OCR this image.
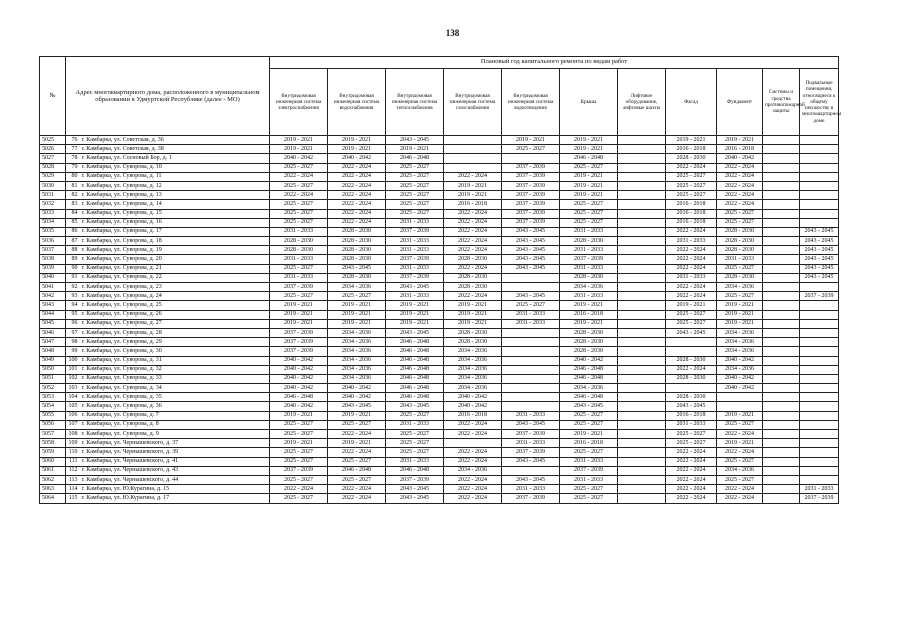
138
№	Адрес многоквартирного дома, расположенного в муниципальном образовании в Удмуртской Республике (далее - МО)		Плановый год капитального ремонта по видам работ										
			Внутридомовая инженерная система электроснабжения	Внутридомовая инженерная система водоснабжения	Внутридомовая инженерная система теплоснабжения	Внутридомовая инженерная система газоснабжения	Внутридомовая инженерная система водоотведения	Крыша	Лифтовое оборудование, лифтовые шахты	Фасад	Фундамент	Системы и средства противопожарной защиты	Подвальные помещения, относящиеся к общему имуществу в многоквартирном доме
5025	76	г. Камбарка, ул. Советская, д. 36	2019 - 2021	2019 - 2021	2043 - 2045		2019 - 2021	2019 - 2021		2019 - 2021	2019 - 2021		
5026	77	г. Камбарка, ул. Советская, д. 38	2019 - 2021	2019 - 2021	2019 - 2021		2025 - 2027	2019 - 2021		2016 - 2018	2016 - 2018		
5027	78	г. Камбарка, ул. Сосновый Бор, д. 1	2040 - 2042	2040 - 2042	2046 - 2048			2046 - 2048		2028 - 2030	2040 - 2042		
5028	79	г. Камбарка, ул. Суворова, д. 10	2025 - 2027	2022 - 2024	2025 - 2027		2037 - 2039	2025 - 2027		2022 - 2024	2022 - 2024		
5029	80	г. Камбарка, ул. Суворова, д. 11	2022 - 2024	2022 - 2024	2025 - 2027	2022 - 2024	2037 - 2039	2019 - 2021		2025 - 2027	2022 - 2024		
5030	81	г. Камбарка, ул. Суворова, д. 12	2025 - 2027	2022 - 2024	2025 - 2027	2019 - 2021	2037 - 2039	2019 - 2021		2025 - 2027	2022 - 2024		
5031	82	г. Камбарка, ул. Суворова, д. 13	2022 - 2024	2022 - 2024	2025 - 2027	2019 - 2021	2037 - 2039	2019 - 2021		2025 - 2027	2022 - 2024		
5032	83	г. Камбарка, ул. Суворова, д. 14	2025 - 2027	2022 - 2024	2025 - 2027	2016 - 2018	2037 - 2039	2025 - 2027		2016 - 2018	2022 - 2024		
5033	84	г. Камбарка, ул. Суворова, д. 15	2025 - 2027	2022 - 2024	2025 - 2027	2022 - 2024	2037 - 2039	2025 - 2027		2016 - 2018	2025 - 2027		
5034	85	г. Камбарка, ул. Суворова, д. 16	2025 - 2027	2022 - 2024	2031 - 2033	2022 - 2024	2037 - 2039	2025 - 2027		2016 - 2018	2025 - 2027		
5035	86	г. Камбарка, ул. Суворова, д. 17	2031 - 2033	2028 - 2030	2037 - 2039	2022 - 2024	2043 - 2045	2031 - 2033		2022 - 2024	2028 - 2030		2043 - 2045
5036	87	г. Камбарка, ул. Суворова, д. 18	2028 - 2030	2028 - 2030	2031 - 2033	2022 - 2024	2043 - 2045	2028 - 2030		2031 - 2033	2028 - 2030		2043 - 2045
5037	88	г. Камбарка, ул. Суворова, д. 19	2028 - 2030	2028 - 2030	2031 - 2033	2022 - 2024	2043 - 2045	2031 - 2033		2022 - 2024	2028 - 2030		2043 - 2045
5038	89	г. Камбарка, ул. Суворова, д. 20	2031 - 2033	2028 - 2030	2037 - 2039	2028 - 2030	2043 - 2045	2037 - 2039		2022 - 2024	2031 - 2033		2043 - 2045
5039	90	г. Камбарка, ул. Суворова, д. 21	2025 - 2027	2043 - 2045	2031 - 2033	2022 - 2024	2043 - 2045	2031 - 2033		2022 - 2024	2025 - 2027		2043 - 2045
5040	91	г. Камбарка, ул. Суворова, д. 22	2031 - 2033	2028 - 2030	2037 - 2039	2028 - 2030		2028 - 2030		2031 - 2033	2028 - 2030		2043 - 2045
5041	92	г. Камбарка, ул. Суворова, д. 23	2037 - 2039	2034 - 2036	2043 - 2045	2028 - 2030		2034 - 2036		2022 - 2024	2034 - 2036		
5042	93	г. Камбарка, ул. Суворова, д. 24	2025 - 2027	2025 - 2027	2031 - 2033	2022 - 2024	2043 - 2045	2031 - 2033		2022 - 2024	2025 - 2027		2037 - 2039
5043	94	г. Камбарка, ул. Суворова, д. 25	2019 - 2021	2019 - 2021	2019 - 2021	2019 - 2021	2025 - 2027	2019 - 2021		2019 - 2021	2019 - 2021		
5044	95	г. Камбарка, ул. Суворова, д. 26	2019 - 2021	2019 - 2021	2019 - 2021	2019 - 2021	2031 - 2033	2016 - 2018		2025 - 2027	2019 - 2021		
5045	96	г. Камбарка, ул. Суворова, д. 27	2019 - 2021	2019 - 2021	2019 - 2021	2019 - 2021	2031 - 2033	2019 - 2021		2025 - 2027	2019 - 2021		
5046	97	г. Камбарка, ул. Суворова, д. 28	2037 - 2039	2034 - 2036	2043 - 2045	2028 - 2030		2028 - 2030		2043 - 2045	2034 - 2036		
5047	98	г. Камбарка, ул. Суворова, д. 29	2037 - 2039	2034 - 2036	2046 - 2048	2028 - 2030		2028 - 2030			2034 - 2036		
5048	99	г. Камбарка, ул. Суворова, д. 30	2037 - 2039	2034 - 2036	2046 - 2048	2034 - 2036		2028 - 2030			2034 - 2036		
5049	100	г. Камбарка, ул. Суворова, д. 31	2040 - 2042	2034 - 2036	2046 - 2048	2034 - 2036		2040 - 2042		2028 - 2030	2040 - 2042		
5050	101	г. Камбарка, ул. Суворова, д. 32	2040 - 2042	2034 - 2036	2046 - 2048	2034 - 2036		2046 - 2048		2022 - 2024	2034 - 2036		
5051	102	г. Камбарка, ул. Суворова, д. 33	2040 - 2042	2034 - 2036	2046 - 2048	2034 - 2036		2046 - 2048		2028 - 2030	2040 - 2042		
5052	103	г. Камбарка, ул. Суворова, д. 34	2040 - 2042	2040 - 2042	2046 - 2048	2034 - 2036		2034 - 2036			2040 - 2042		
5053	104	г. Камбарка, ул. Суворова, д. 35	2046 - 2048	2040 - 2042	2046 - 2048	2040 - 2042		2046 - 2048		2028 - 2030			
5054	105	г. Камбарка, ул. Суворова, д. 36	2040 - 2042	2043 - 2045	2043 - 2045	2040 - 2042		2043 - 2045		2043 - 2045			
5055	106	г. Камбарка, ул. Суворова, д. 7	2019 - 2021	2019 - 2021	2025 - 2027	2016 - 2018	2031 - 2033	2025 - 2027		2016 - 2018	2019 - 2021		
5056	107	г. Камбарка, ул. Суворова, д. 8	2025 - 2027	2025 - 2027	2031 - 2033	2022 - 2024	2043 - 2045	2025 - 2027		2031 - 2033	2025 - 2027		
5057	108	г. Камбарка, ул. Суворова, д. 9	2025 - 2027	2022 - 2024	2025 - 2027	2022 - 2024	2037 - 2039	2019 - 2021		2025 - 2027	2022 - 2024		
5058	109	г. Камбарка, ул. Чернышевского, д. 37	2019 - 2021	2019 - 2021	2025 - 2027		2031 - 2033	2016 - 2018		2025 - 2027	2019 - 2021		
5059	110	г. Камбарка, ул. Чернышевского, д. 39	2025 - 2027	2022 - 2024	2025 - 2027	2022 - 2024	2037 - 2039	2025 - 2027		2022 - 2024	2022 - 2024		
5060	111	г. Камбарка, ул. Чернышевского, д. 41	2025 - 2027	2025 - 2027	2031 - 2033	2022 - 2024	2043 - 2045	2031 - 2033		2022 - 2024	2025 - 2027		
5061	112	г. Камбарка, ул. Чернышевского, д. 43	2037 - 2039	2046 - 2048	2046 - 2048	2034 - 2036		2037 - 2039		2022 - 2024	2034 - 2036		
5062	113	г. Камбарка, ул. Чернышевского, д. 44	2025 - 2027	2025 - 2027	2037 - 2039	2022 - 2024	2043 - 2045	2031 - 2033		2022 - 2024	2025 - 2027		
5063	114	г. Камбарка, ул. Ю.Курагина, д. 15	2022 - 2024	2022 - 2024	2043 - 2045	2022 - 2024	2031 - 2033	2025 - 2027		2022 - 2024	2022 - 2024		2031 - 2033
5064	115	г. Камбарка, ул. Ю.Курагина, д. 17	2025 - 2027	2022 - 2024	2043 - 2045	2022 - 2024	2037 - 2039	2025 - 2027		2022 - 2024	2022 - 2024		2037 - 2039
